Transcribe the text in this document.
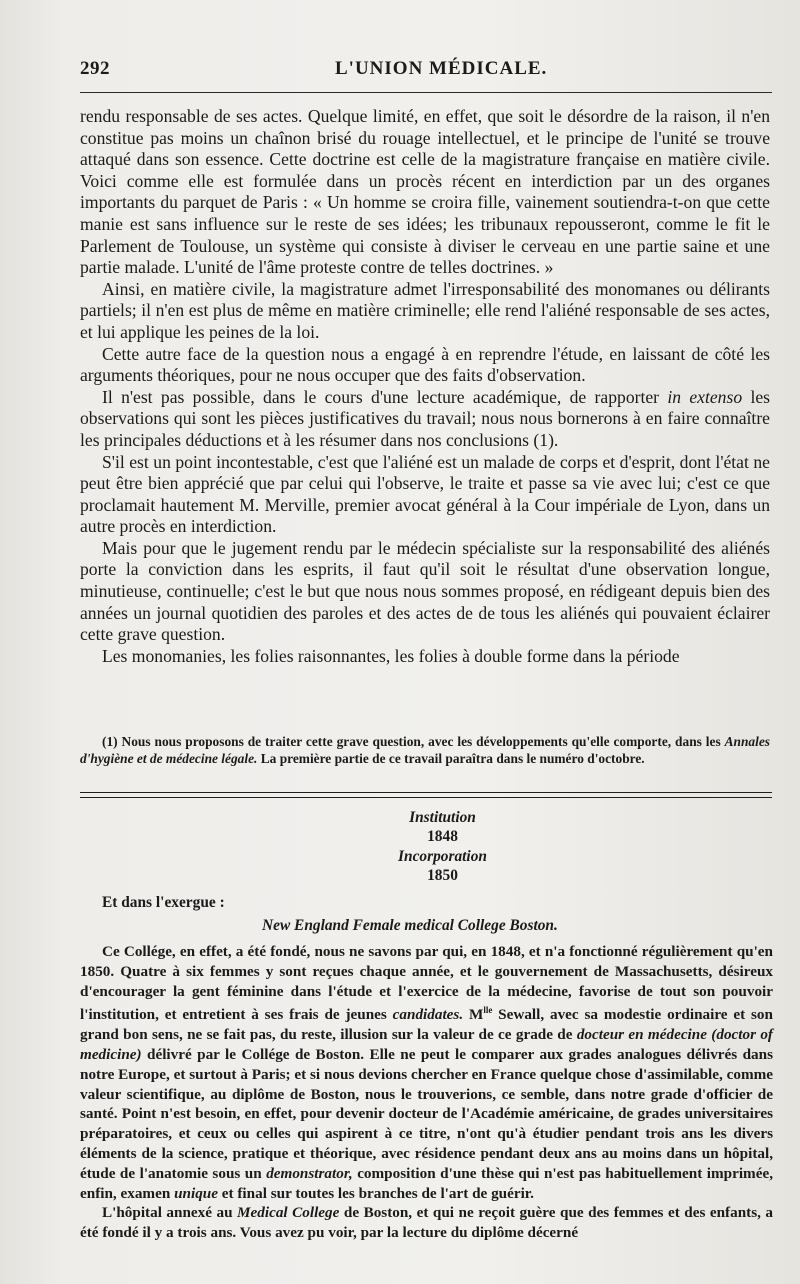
292	L'UNION MÉDICALE.

rendu responsable de ses actes. Quelque limité, en effet, que soit le désordre de la raison, il n'en constitue pas moins un chaînon brisé du rouage intellectuel, et le principe de l'unité se trouve attaqué dans son essence. Cette doctrine est celle de la magistrature française en matière civile. Voici comme elle est formulée dans un procès récent en interdiction par un des organes importants du parquet de Paris : « Un homme se croira fille, vainement soutiendra-t-on que cette manie est sans influence sur le reste de ses idées; les tribunaux repousseront, comme le fit le Parlement de Toulouse, un système qui consiste à diviser le cerveau en une partie saine et une partie malade. L'unité de l'âme proteste contre de telles doctrines. »

Ainsi, en matière civile, la magistrature admet l'irresponsabilité des monomanes ou délirants partiels; il n'en est plus de même en matière criminelle; elle rend l'aliéné responsable de ses actes, et lui applique les peines de la loi.

Cette autre face de la question nous a engagé à en reprendre l'étude, en laissant de côté les arguments théoriques, pour ne nous occuper que des faits d'observation.

Il n'est pas possible, dans le cours d'une lecture académique, de rapporter in extenso les observations qui sont les pièces justificatives du travail; nous nous bornerons à en faire connaître les principales déductions et à les résumer dans nos conclusions (1).

S'il est un point incontestable, c'est que l'aliéné est un malade de corps et d'esprit, dont l'état ne peut être bien apprécié que par celui qui l'observe, le traite et passe sa vie avec lui; c'est ce que proclamait hautement M. Merville, premier avocat général à la Cour impériale de Lyon, dans un autre procès en interdiction.

Mais pour que le jugement rendu par le médecin spécialiste sur la responsabilité des aliénés porte la conviction dans les esprits, il faut qu'il soit le résultat d'une observation longue, minutieuse, continuelle; c'est le but que nous nous sommes proposé, en rédigeant depuis bien des années un journal quotidien des paroles et des actes de de tous les aliénés qui pouvaient éclairer cette grave question.

Les monomanies, les folies raisonnantes, les folies à double forme dans la période

(1) Nous nous proposons de traiter cette grave question, avec les développements qu'elle comporte, dans les Annales d'hygiène et de médecine légale. La première partie de ce travail paraîtra dans le numéro d'octobre.

Institution

1848

Incorporation

1850

Et dans l'exergue :
New England Female medical College Boston.

Ce Collége, en effet, a été fondé, nous ne savons par qui, en 1848, et n'a fonctionné régulièrement qu'en 1850. Quatre à six femmes y sont reçues chaque année, et le gouvernement de Massachusetts, désireux d'encourager la gent féminine dans l'étude et l'exercice de la médecine, favorise de tout son pouvoir l'institution, et entretient à ses frais de jeunes candidates. $M^{lle}$ Sewall, avec sa modestie ordinaire et son grand bon sens, ne se fait pas, du reste, illusion sur la valeur de ce grade de docteur en médecine (doctor of medicine) délivré par le Collége de Boston. Elle ne peut le comparer aux grades analogues délivrés dans notre Europe, et surtout à Paris; et si nous devions chercher en France quelque chose d'assimilable, comme valeur scientifique, au diplôme de Boston, nous le trouverions, ce semble, dans notre grade d'officier de santé. Point n'est besoin, en effet, pour devenir docteur de l'Académie américaine, de grades universitaires préparatoires, et ceux ou celles qui aspirent à ce titre, n'ont qu'à étudier pendant trois ans les divers éléments de la science, pratique et théorique, avec résidence pendant deux ans au moins dans un hôpital, étude de l'anatomie sous un demonstrator, composition d'une thèse qui n'est pas habituellement imprimée, enfin, examen unique et final sur toutes les branches de l'art de guérir.

L'hôpital annexé au Medical College de Boston, et qui ne reçoit guère que des femmes et des enfants, a été fondé il y a trois ans. Vous avez pu voir, par la lecture du diplôme décerné
